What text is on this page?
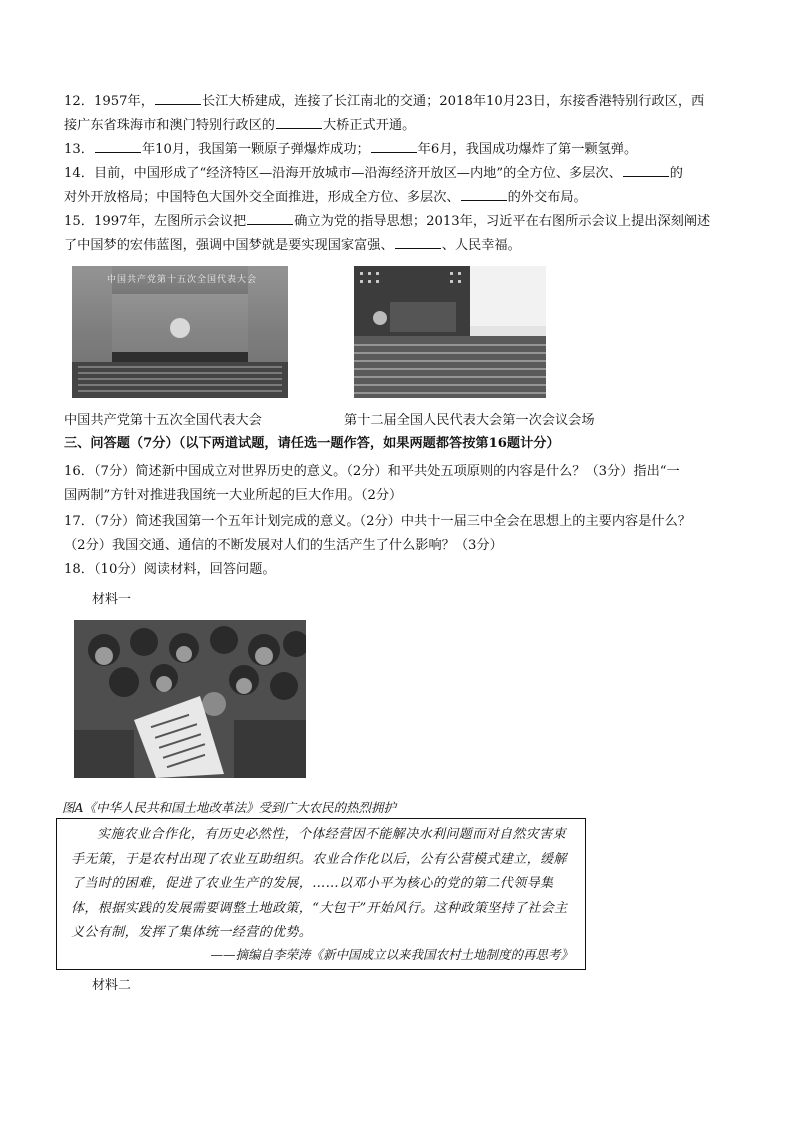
12．1957年，	长江大桥建成，连接了长江南北的交通；2018年10月23日，东接香港特别行政区，西
接广东省珠海市和澳门特别行政区的	大桥正式开通。
13．	年10月，我国第一颗原子弹爆炸成功；	年6月，我国成功爆炸了第一颗氢弹。
14．目前，中国形成了“经济特区—沿海开放城市—沿海经济开放区—内地”的全方位、多层次、	的
对外开放格局；中国特色大国外交全面推进，形成全方位、多层次、	的外交布局。
15．1997年，左图所示会议把	确立为党的指导思想；2013年，习近平在右图所示会议上提出深刻阐述
了中国梦的宏伟蓝图，强调中国梦就是要实现国家富强、	、人民幸福。
中国共产党第十五次全国代表大会
中国共产党第十五次全国代表大会	第十二届全国人民代表大会第一次会议会场
三、问答题（7分）（以下两道试题，请任选一题作答，如果两题都答按第16题计分）
16．（7分）简述新中国成立对世界历史的意义。（2分）和平共处五项原则的内容是什么？（3分）指出“一
国两制”方针对推进我国统一大业所起的巨大作用。（2分）
17．（7分）简述我国第一个五年计划完成的意义。（2分）中共十一届三中全会在思想上的主要内容是什么？
（2分）我国交通、通信的不断发展对人们的生活产生了什么影响？（3分）
18．（10分）阅读材料，回答问题。
材料一
图A《中华人民共和国土地改革法》受到广大农民的热烈拥护
实施农业合作化，有历史必然性，个体经营因不能解决水利问题而对自然灾害束手无策，于是农村出现了农业互助组织。农业合作化以后，公有公营模式建立，缓解了当时的困难，促进了农业生产的发展，……以邓小平为核心的党的第二代领导集体，根据实践的发展需要调整土地政策，“大包干”开始风行。这种政策坚持了社会主义公有制，发挥了集体统一经营的优势。
——摘编自李荣涛《新中国成立以来我国农村土地制度的再思考》
材料二
